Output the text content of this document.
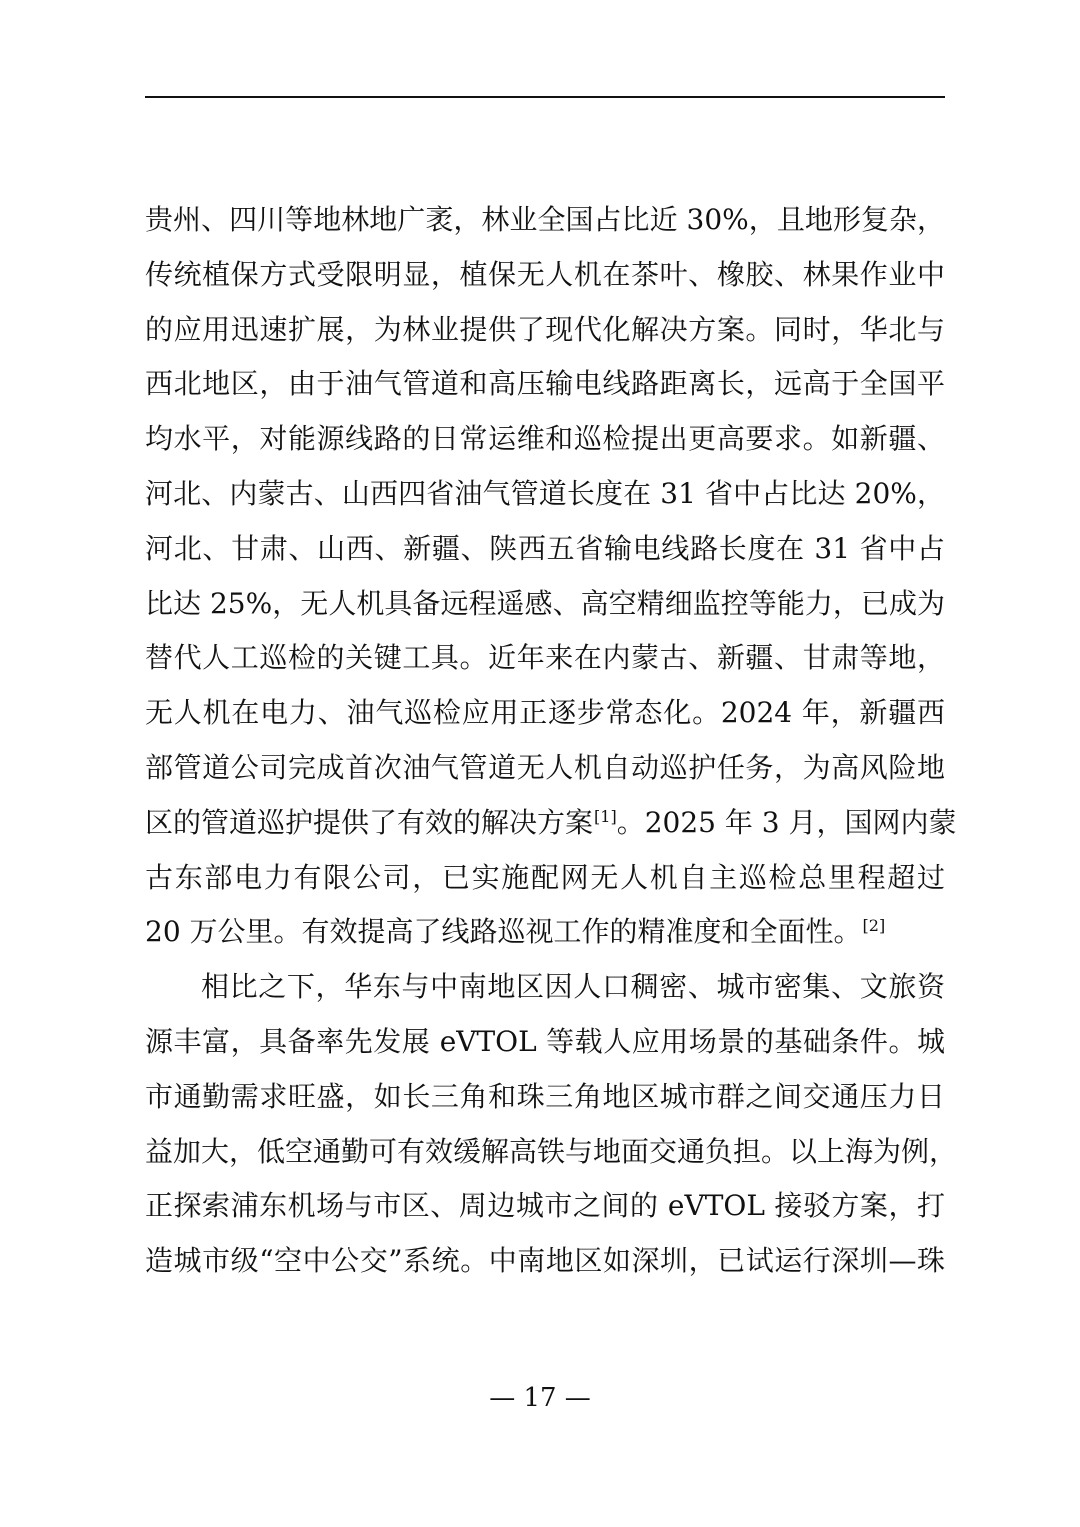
贵州、四川等地林地广袤，林业全国占比近 30%，且地形复杂，
传统植保方式受限明显，植保无人机在茶叶、橡胶、林果作业中
的应用迅速扩展，为林业提供了现代化解决方案。同时，华北与
西北地区，由于油气管道和高压输电线路距离长，远高于全国平
均水平，对能源线路的日常运维和巡检提出更高要求。如新疆、
河北、内蒙古、山西四省油气管道长度在 31 省中占比达 20%，
河北、甘肃、山西、新疆、陕西五省输电线路长度在 31 省中占
比达 25%，无人机具备远程遥感、高空精细监控等能力，已成为
替代人工巡检的关键工具。近年来在内蒙古、新疆、甘肃等地，
无人机在电力、油气巡检应用正逐步常态化。2024 年，新疆西
部管道公司完成首次油气管道无人机自动巡护任务，为高风险地
区的管道巡护提供了有效的解决方案[1]。2025 年 3 月，国网内蒙
古东部电力有限公司，已实施配网无人机自主巡检总里程超过
20 万公里。有效提高了线路巡视工作的精准度和全面性。[2]
相比之下，华东与中南地区因人口稠密、城市密集、文旅资
源丰富，具备率先发展 eVTOL 等载人应用场景的基础条件。城
市通勤需求旺盛，如长三角和珠三角地区城市群之间交通压力日
益加大，低空通勤可有效缓解高铁与地面交通负担。以上海为例，
正探索浦东机场与市区、周边城市之间的 eVTOL 接驳方案，打
造城市级“空中公交”系统。中南地区如深圳，已试运行深圳—珠
— 17 —
